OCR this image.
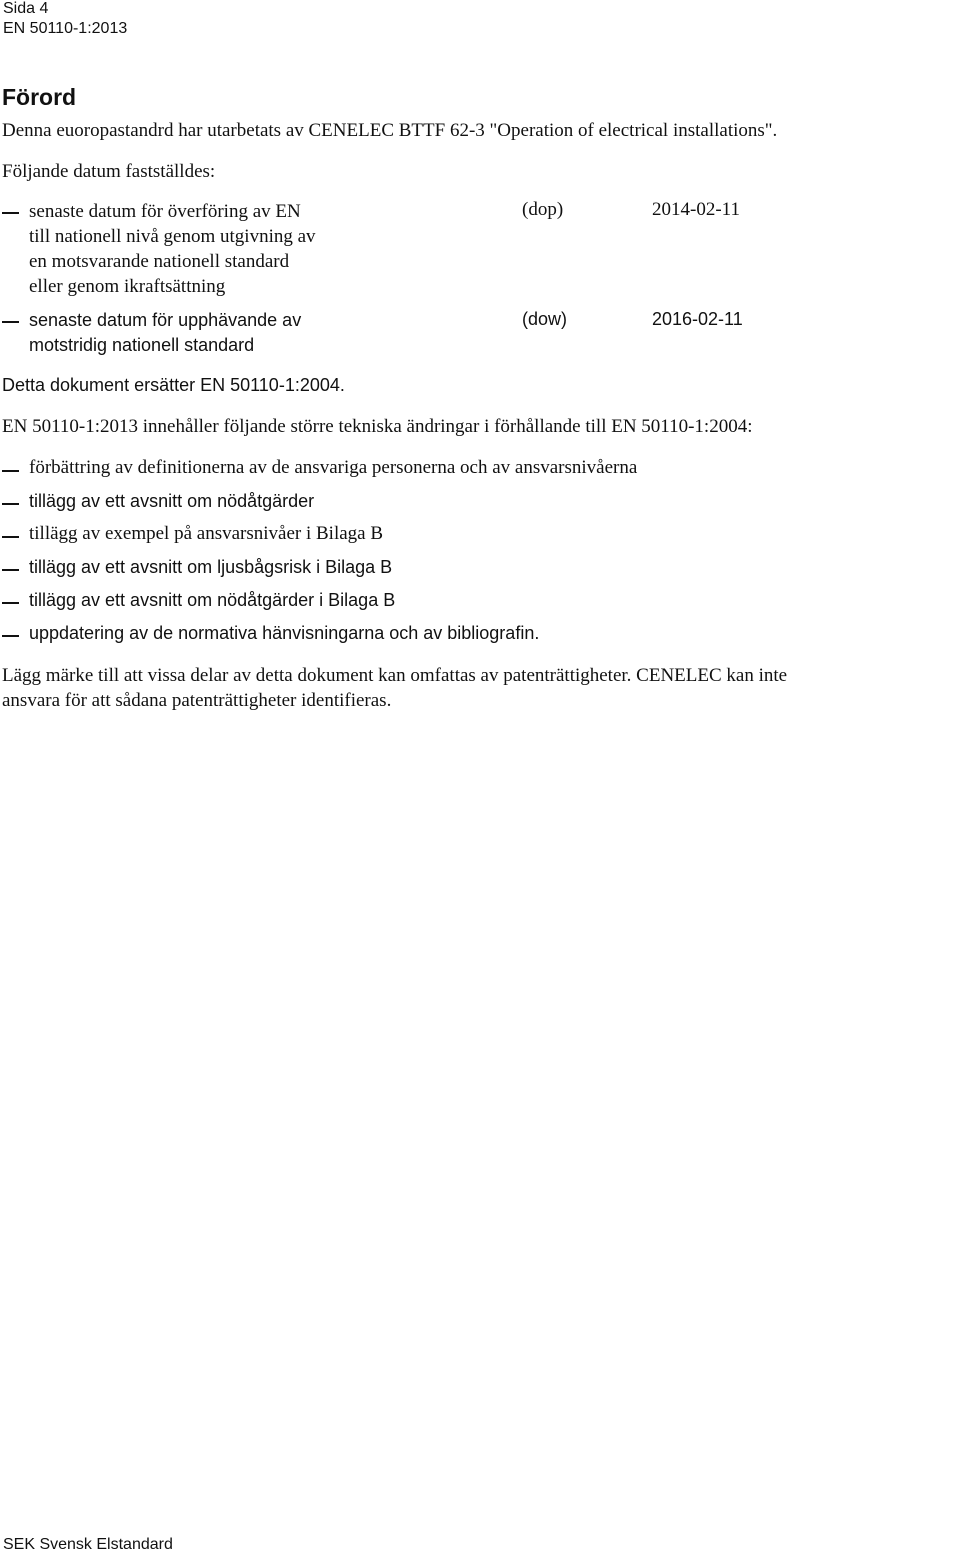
Sida 4
EN 50110-1:2013
Förord
Denna euoropastandrd har utarbetats av CENELEC BTTF 62-3 "Operation of electrical installations".
Följande datum fastställdes:
senaste datum för överföring av EN
till nationell nivå genom utgivning av
en motsvarande nationell standard
eller genom ikraftsättning
(dop)	2014-02-11
senaste datum för upphävande av
motstridig nationell standard
(dow)	2016-02-11
Detta dokument ersätter EN 50110-1:2004.
EN 50110-1:2013 innehåller följande större tekniska ändringar i förhållande till EN 50110-1:2004:
förbättring av definitionerna av de ansvariga personerna och av ansvarsnivåerna
tillägg av ett avsnitt om nödåtgärder
tillägg av exempel på ansvarsnivåer i Bilaga B
tillägg av ett avsnitt om ljusbågsrisk i Bilaga B
tillägg av ett avsnitt om nödåtgärder i Bilaga B
uppdatering av de normativa hänvisningarna och av bibliografin.
Lägg märke till att vissa delar av detta dokument kan omfattas av patenträttigheter. CENELEC kan inte
ansvara för att sådana patenträttigheter identifieras.
SEK Svensk Elstandard
